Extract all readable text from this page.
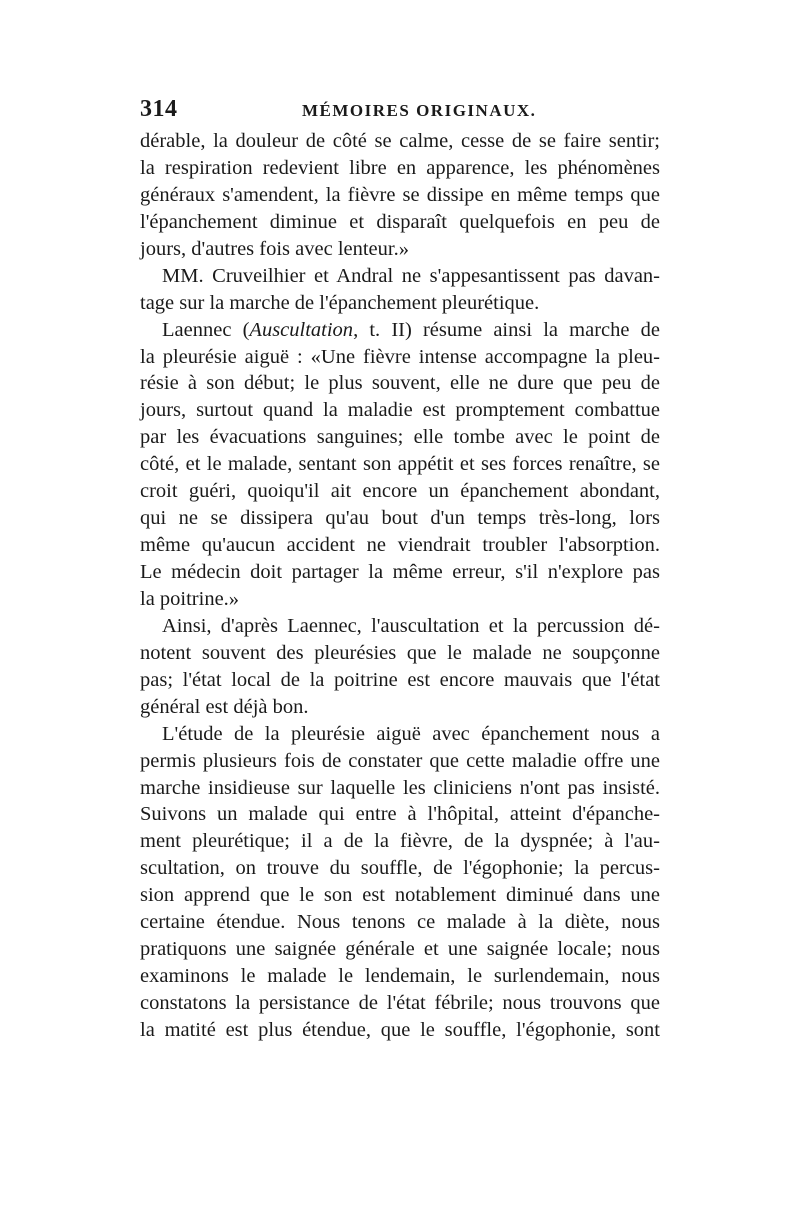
314	MÉMOIRES ORIGINAUX.
dérable, la douleur de côté se calme, cesse de se faire sentir;
la respiration redevient libre en apparence, les phénomènes
généraux s'amendent, la fièvre se dissipe en même temps que
l'épanchement diminue et disparaît quelquefois en peu de
jours, d'autres fois avec lenteur.»
MM. Cruveilhier et Andral ne s'appesantissent pas davan-
tage sur la marche de l'épanchement pleurétique.
Laennec (Auscultation, t. II) résume ainsi la marche de
la pleurésie aiguë : «Une fièvre intense accompagne la pleu-
résie à son début; le plus souvent, elle ne dure que peu de
jours, surtout quand la maladie est promptement combattue
par les évacuations sanguines; elle tombe avec le point de
côté, et le malade, sentant son appétit et ses forces renaître, se
croit guéri, quoiqu'il ait encore un épanchement abondant,
qui ne se dissipera qu'au bout d'un temps très-long, lors
même qu'aucun accident ne viendrait troubler l'absorption.
Le médecin doit partager la même erreur, s'il n'explore pas
la poitrine.»
Ainsi, d'après Laennec, l'auscultation et la percussion dé-
notent souvent des pleurésies que le malade ne soupçonne
pas; l'état local de la poitrine est encore mauvais que l'état
général est déjà bon.
L'étude de la pleurésie aiguë avec épanchement nous a
permis plusieurs fois de constater que cette maladie offre une
marche insidieuse sur laquelle les cliniciens n'ont pas insisté.
Suivons un malade qui entre à l'hôpital, atteint d'épanche-
ment pleurétique; il a de la fièvre, de la dyspnée; à l'au-
scultation, on trouve du souffle, de l'égophonie; la percus-
sion apprend que le son est notablement diminué dans une
certaine étendue. Nous tenons ce malade à la diète, nous
pratiquons une saignée générale et une saignée locale; nous
examinons le malade le lendemain, le surlendemain, nous
constatons la persistance de l'état fébrile; nous trouvons que
la matité est plus étendue, que le souffle, l'égophonie, sont
